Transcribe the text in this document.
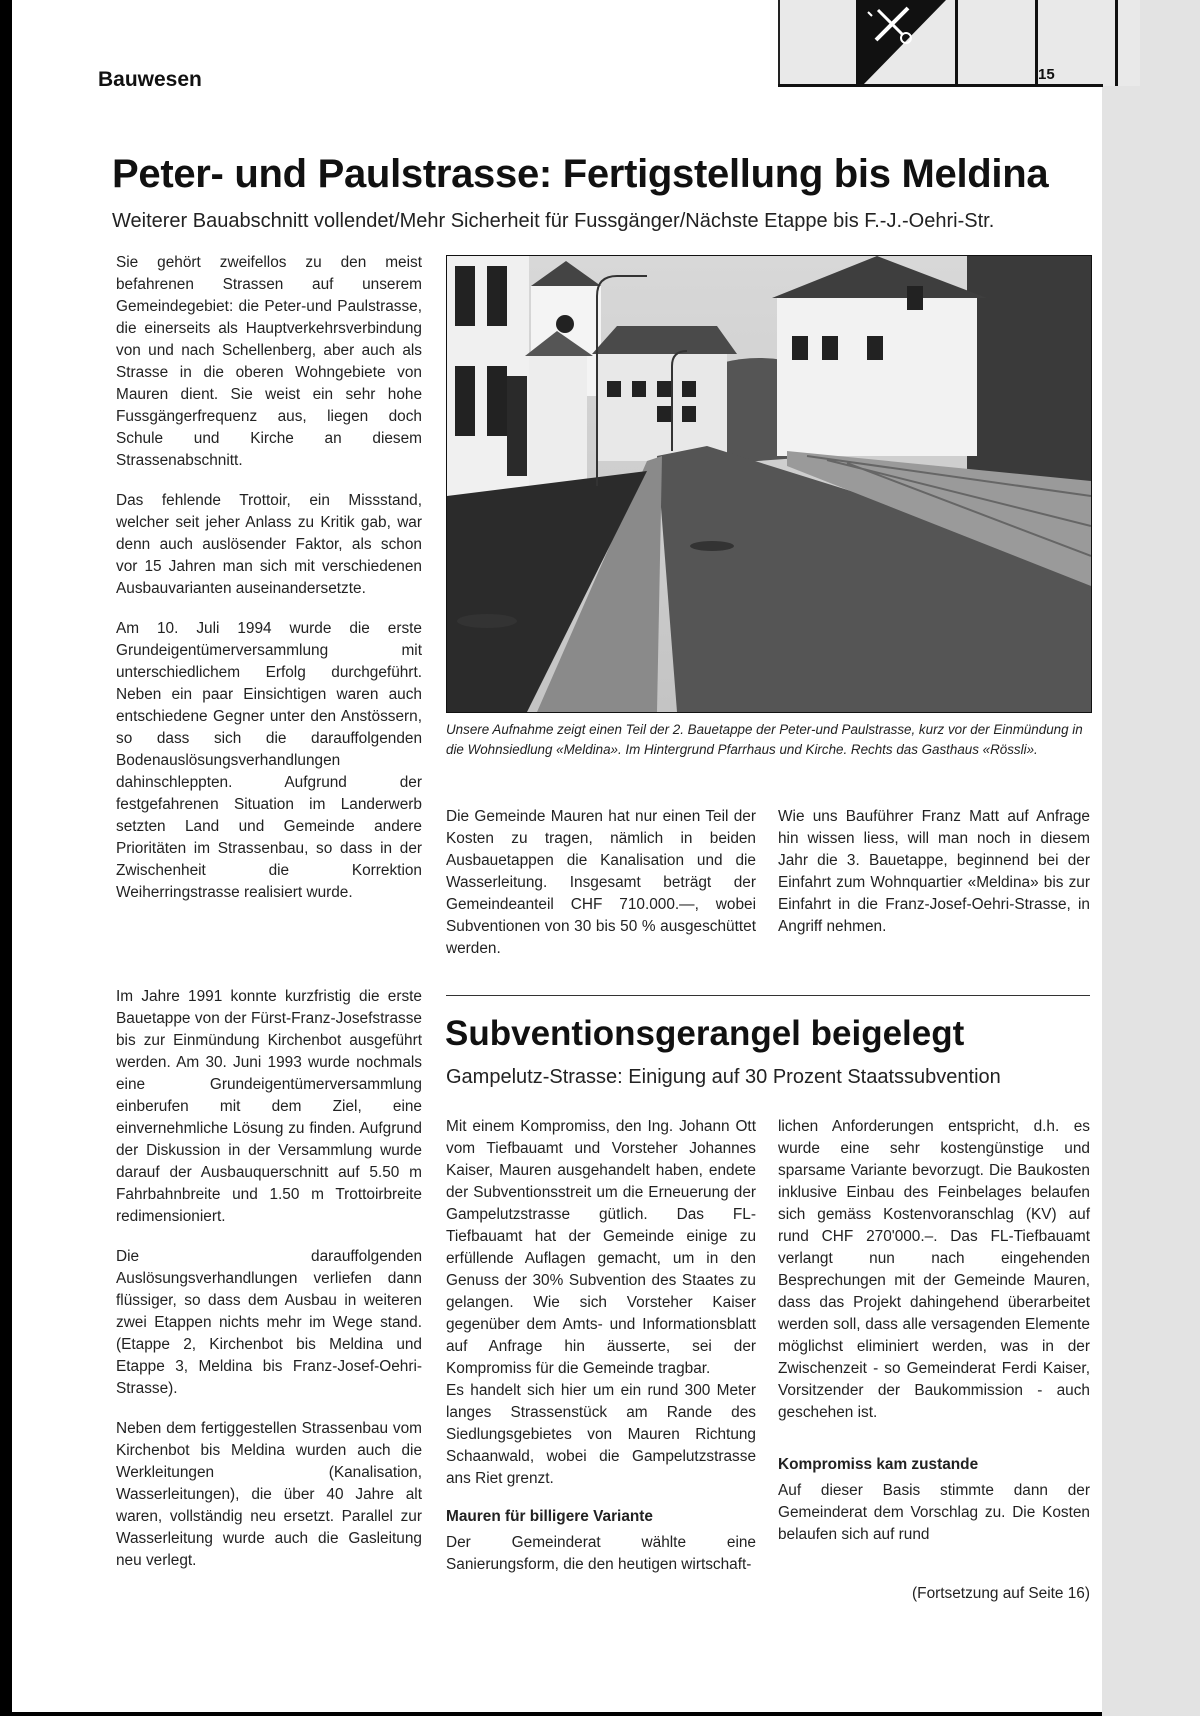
Bauwesen	15
Peter- und Paulstrasse: Fertigstellung bis Meldina
Weiterer Bauabschnitt vollendet/Mehr Sicherheit für Fussgänger/Nächste Etappe bis F.-J.-Oehri-Str.

Sie gehört zweifellos zu den meist befahrenen Strassen auf unserem Gemeindegebiet: die Peter-und Paulstrasse, die einerseits als Hauptverkehrsverbindung von und nach Schellenberg, aber auch als Strasse in die oberen Wohngebiete von Mauren dient. Sie weist ein sehr hohe Fussgängerfrequenz aus, liegen doch Schule und Kirche an diesem Strassenabschnitt.

Das fehlende Trottoir, ein Missstand, welcher seit jeher Anlass zu Kritik gab, war denn auch auslösender Faktor, als schon vor 15 Jahren man sich mit verschiedenen Ausbauvarianten auseinandersetzte.

Am 10. Juli 1994 wurde die erste Grundeigentümerversammlung mit unterschiedlichem Erfolg durchgeführt. Neben ein paar Einsichtigen waren auch entschiedene Gegner unter den Anstössern, so dass sich die darauffolgenden Bodenauslösungsverhandlungen dahinschleppten. Aufgrund der festgefahrenen Situation im Landerwerb setzten Land und Gemeinde andere Prioritäten im Strassenbau, so dass in der Zwischenheit die Korrektion Weiherringstrasse realisiert wurde.

Im Jahre 1991 konnte kurzfristig die erste Bauetappe von der Fürst-Franz-Josefstrasse bis zur Einmündung Kirchenbot ausgeführt werden. Am 30. Juni 1993 wurde nochmals eine Grundeigentümerversammlung einberufen mit dem Ziel, eine einvernehmliche Lösung zu finden. Aufgrund der Diskussion in der Versammlung wurde darauf der Ausbauquerschnitt auf 5.50 m Fahrbahnbreite und 1.50 m Trottoirbreite redimensioniert.

Die darauffolgenden Auslösungsverhandlungen verliefen dann flüssiger, so dass dem Ausbau in weiteren zwei Etappen nichts mehr im Wege stand. (Etappe 2, Kirchenbot bis Meldina und Etappe 3, Meldina bis Franz-Josef-Oehri-Strasse).

Neben dem fertiggestellen Strassenbau vom Kirchenbot bis Meldina wurden auch die Werkleitungen (Kanalisation, Wasserleitungen), die über 40 Jahre alt waren, vollständig neu ersetzt. Parallel zur Wasserleitung wurde auch die Gasleitung neu verlegt.

Unsere Aufnahme zeigt einen Teil der 2. Bauetappe der Peter-und Paulstrasse, kurz vor der Einmündung in die Wohnsiedlung «Meldina». Im Hintergrund Pfarrhaus und Kirche. Rechts das Gasthaus «Rössli».

Die Gemeinde Mauren hat nur einen Teil der Kosten zu tragen, nämlich in beiden Ausbauetappen die Kanalisation und die Wasserleitung. Insgesamt beträgt der Gemeindeanteil CHF 710.000.—, wobei Subventionen von 30 bis 50 % ausgeschüttet werden.

Wie uns Bauführer Franz Matt auf Anfrage hin wissen liess, will man noch in diesem Jahr die 3. Bauetappe, beginnend bei der Einfahrt zum Wohnquartier «Meldina» bis zur Einfahrt in die Franz-Josef-Oehri-Strasse, in Angriff nehmen.

Subventionsgerangel beigelegt
Gampelutz-Strasse: Einigung auf 30 Prozent Staatssubvention

Mit einem Kompromiss, den Ing. Johann Ott vom Tiefbauamt und Vorsteher Johannes Kaiser, Mauren ausgehandelt haben, endete der Subventionsstreit um die Erneuerung der Gampelutzstrasse gütlich. Das FL-Tiefbauamt hat der Gemeinde einige zu erfüllende Auflagen gemacht, um in den Genuss der 30% Subvention des Staates zu gelangen. Wie sich Vorsteher Kaiser gegenüber dem Amts- und Informationsblatt auf Anfrage hin äusserte, sei der Kompromiss für die Gemeinde tragbar.

Es handelt sich hier um ein rund 300 Meter langes Strassenstück am Rande des Siedlungsgebietes von Mauren Richtung Schaanwald, wobei die Gampelutzstrasse ans Riet grenzt.

Mauren für billigere Variante

Der Gemeinderat wählte eine Sanierungsform, die den heutigen wirtschaft-

lichen Anforderungen entspricht, d.h. es wurde eine sehr kostengünstige und sparsame Variante bevorzugt. Die Baukosten inklusive Einbau des Feinbelages belaufen sich gemäss Kostenvoranschlag (KV) auf rund CHF 270'000.–. Das FL-Tiefbauamt verlangt nun nach eingehenden Besprechungen mit der Gemeinde Mauren, dass das Projekt dahingehend überarbeitet werden soll, dass alle versagenden Elemente möglichst eliminiert werden, was in der Zwischenzeit - so Gemeinderat Ferdi Kaiser, Vorsitzender der Baukommission - auch geschehen ist.

Kompromiss kam zustande

Auf dieser Basis stimmte dann der Gemeinderat dem Vorschlag zu. Die Kosten belaufen sich auf rund

(Fortsetzung auf Seite 16)
